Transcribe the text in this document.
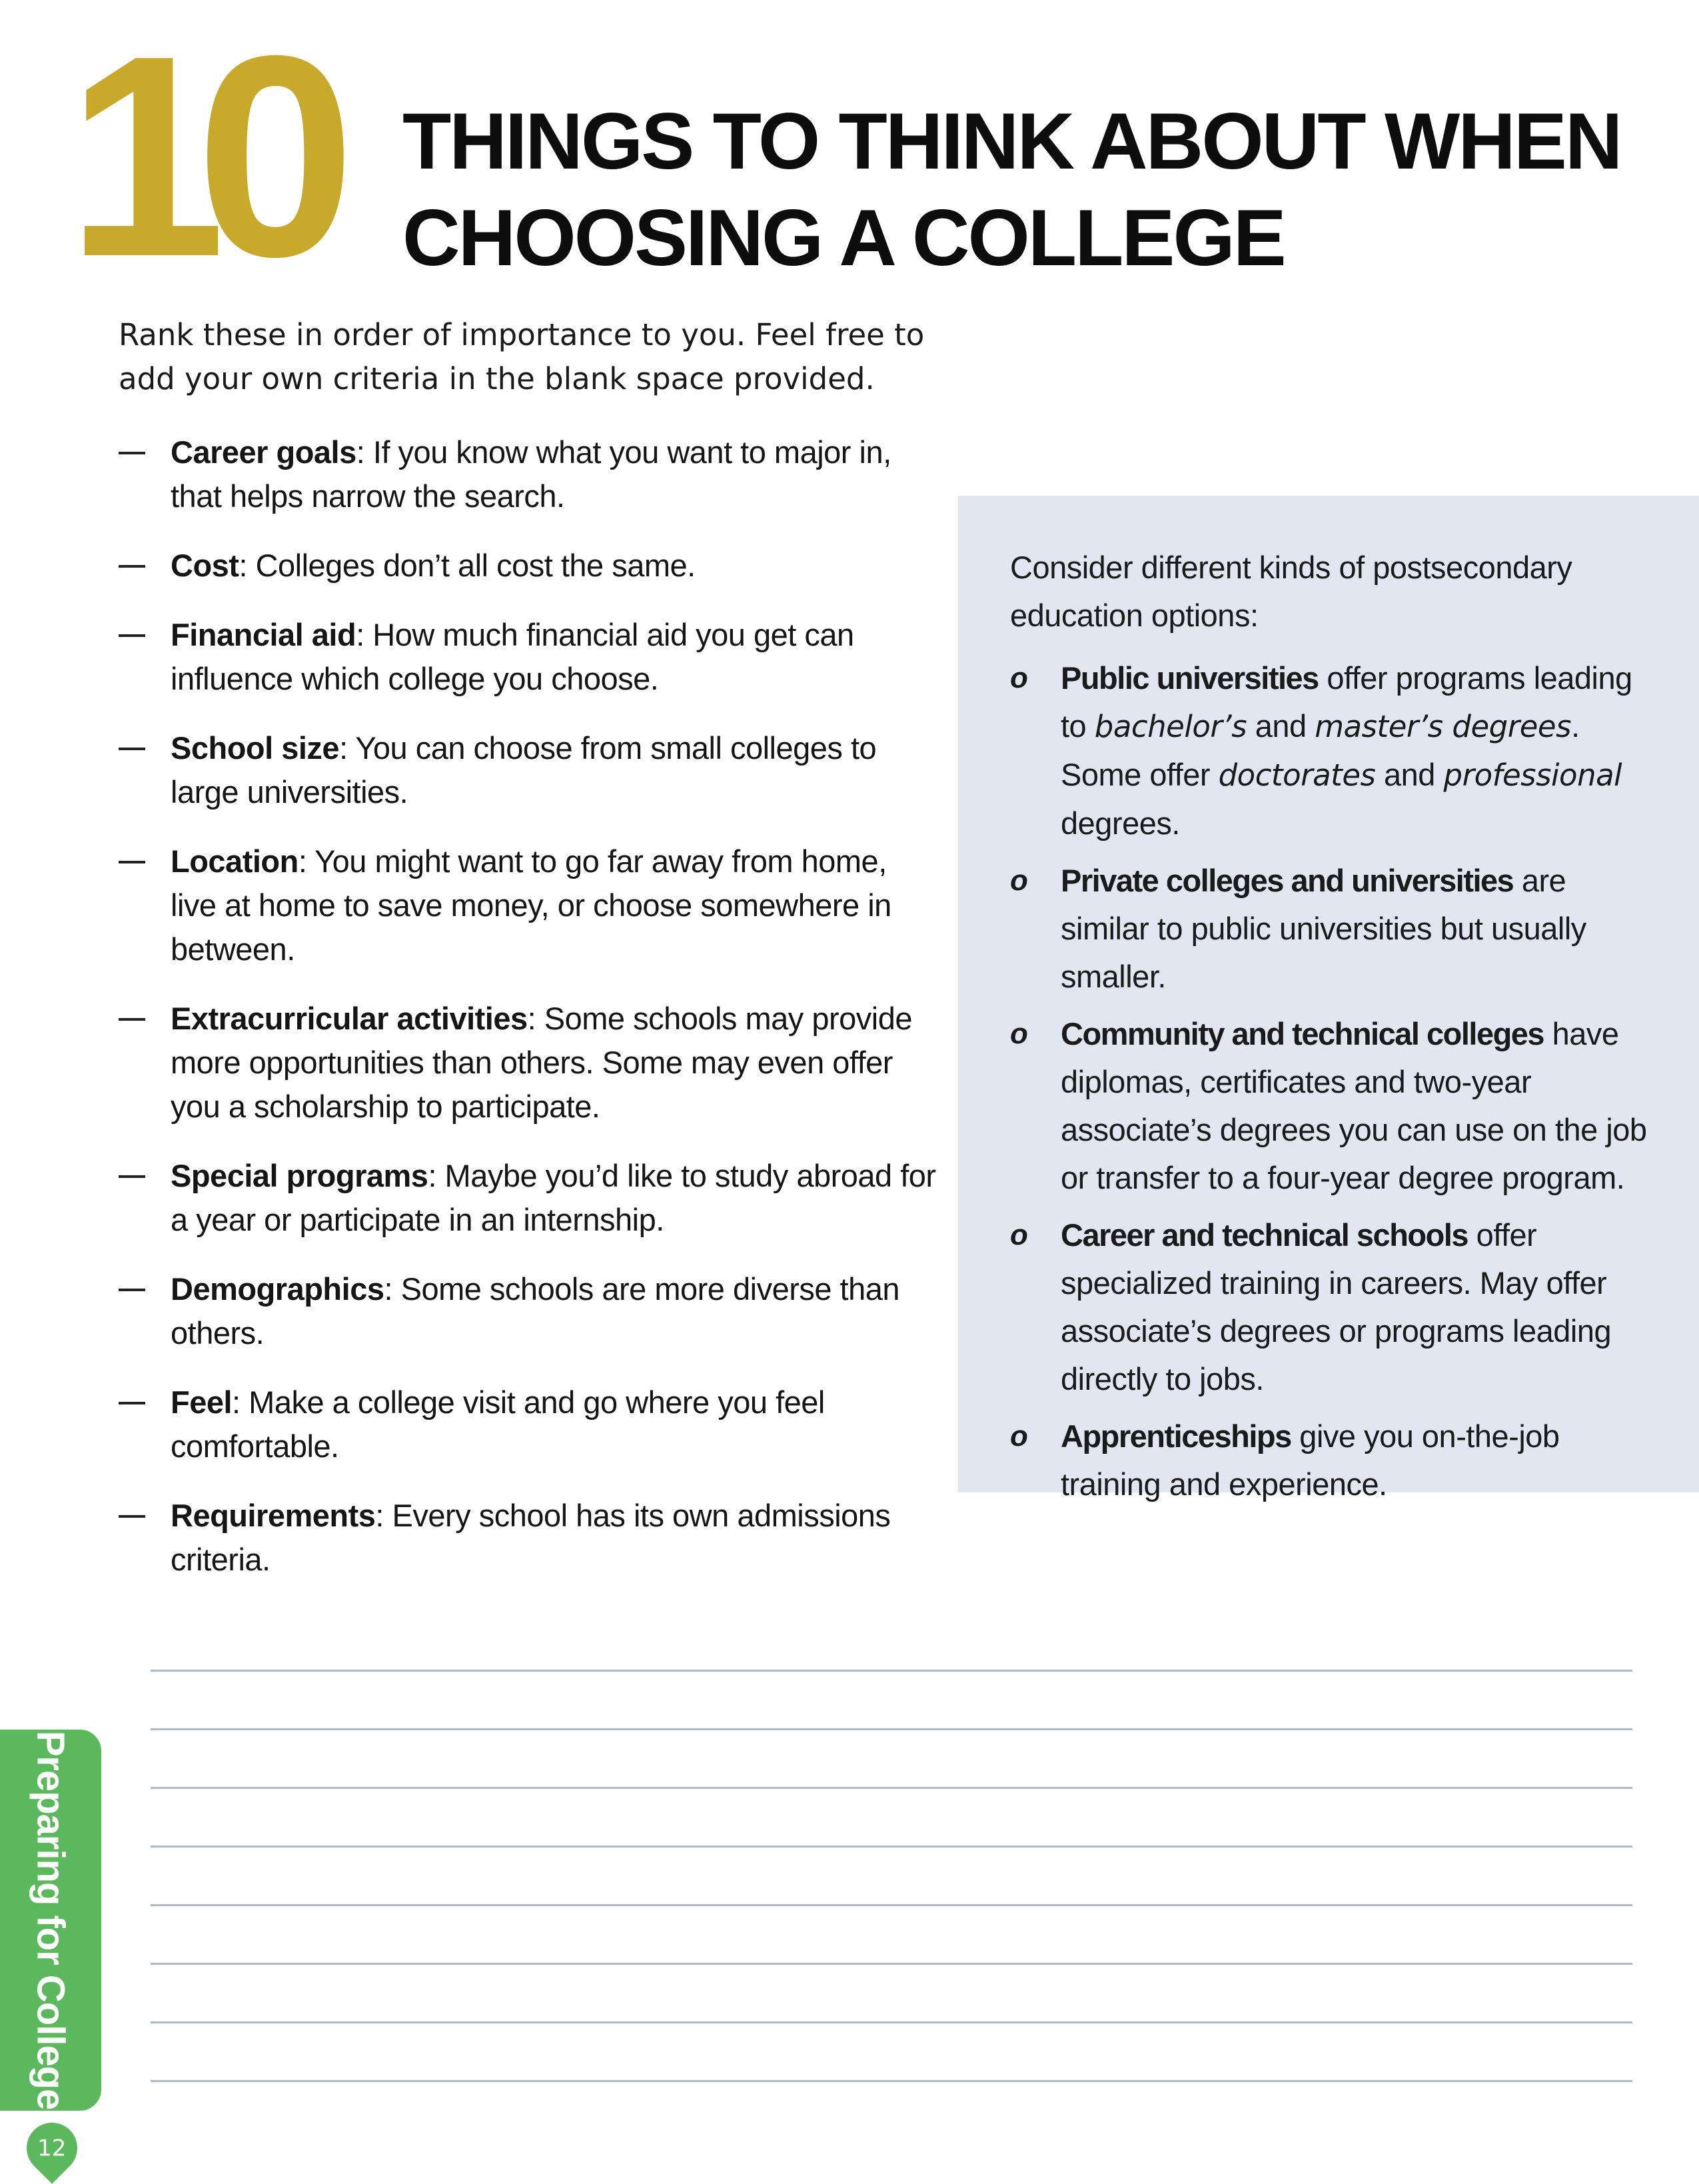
10 THINGS TO THINK ABOUT WHEN
CHOOSING A COLLEGE

Rank these in order of importance to you. Feel free to add your own criteria in the blank space provided.

Career goals: If you know what you want to major in, that helps narrow the search.
Cost: Colleges don’t all cost the same.
Financial aid: How much financial aid you get can influence which college you choose.
School size: You can choose from small colleges to large universities.
Location: You might want to go far away from home, live at home to save money, or choose somewhere in between.
Extracurricular activities: Some schools may provide more opportunities than others. Some may even offer you a scholarship to participate.
Special programs: Maybe you’d like to study abroad for a year or participate in an internship.
Demographics: Some schools are more diverse than others.
Feel: Make a college visit and go where you feel comfortable.
Requirements: Every school has its own admissions criteria.

Consider different kinds of postsecondary education options:

o Public universities offer programs leading to bachelor’s and master’s degrees. Some offer doctorates and professional degrees.
o Private colleges and universities are similar to public universities but usually smaller.
o Community and technical colleges have diplomas, certificates and two-year associate’s degrees you can use on the job or transfer to a four-year degree program.
o Career and technical schools offer specialized training in careers. May offer associate’s degrees or programs leading directly to jobs.
o Apprenticeships give you on-the-job training and experience.
Preparing for College
12
